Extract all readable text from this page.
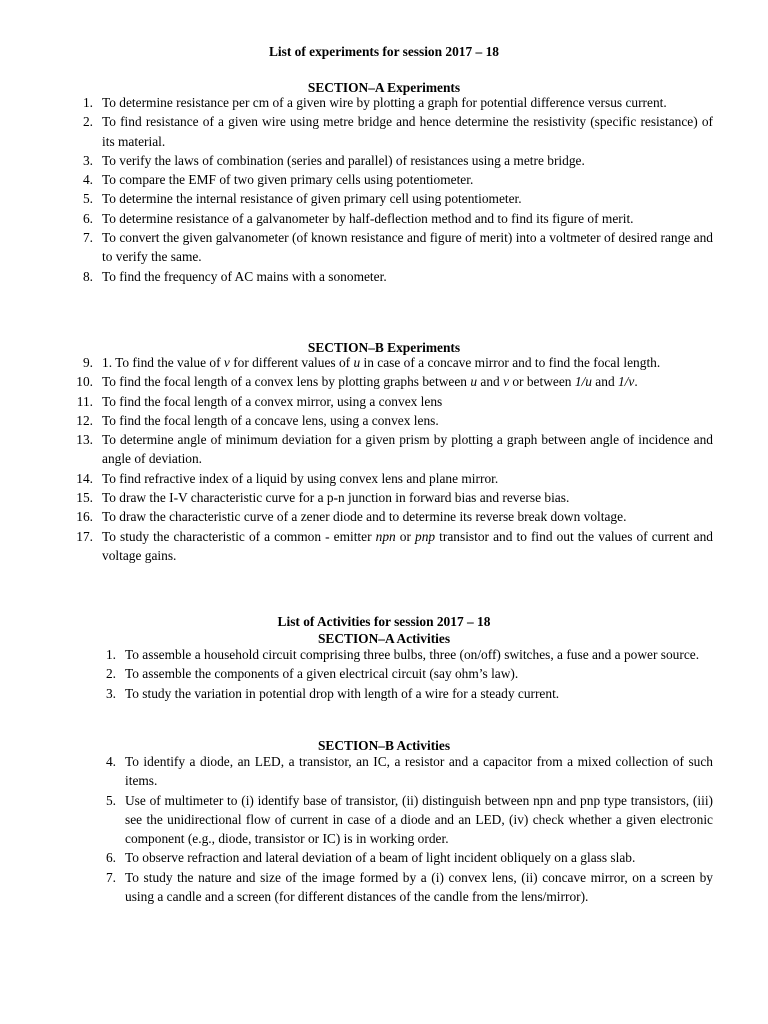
List of experiments for session 2017 – 18

SECTION–A Experiments

1. To determine resistance per cm of a given wire by plotting a graph for potential difference versus current.
2. To find resistance of a given wire using metre bridge and hence determine the resistivity (specific resistance) of its material.
3. To verify the laws of combination (series and parallel) of resistances using a metre bridge.
4. To compare the EMF of two given primary cells using potentiometer.
5. To determine the internal resistance of given primary cell using potentiometer.
6. To determine resistance of a galvanometer by half-deflection method and to find its figure of merit.
7. To convert the given galvanometer (of known resistance and figure of merit) into a voltmeter of desired range and to verify the same.
8. To find the frequency of AC mains with a sonometer.

SECTION–B Experiments

9. 1. To find the value of v for different values of u in case of a concave mirror and to find the focal length.
10. To find the focal length of a convex lens by plotting graphs between u and v or between 1/u and 1/v.
11. To find the focal length of a convex mirror, using a convex lens
12. To find the focal length of a concave lens, using a convex lens.
13. To determine angle of minimum deviation for a given prism by plotting a graph between angle of incidence and angle of deviation.
14. To find refractive index of a liquid by using convex lens and plane mirror.
15. To draw the I-V characteristic curve for a p-n junction in forward bias and reverse bias.
16. To draw the characteristic curve of a zener diode and to determine its reverse break down voltage.
17. To study the characteristic of a common - emitter npn or pnp transistor and to find out the values of current and voltage gains.

List of Activities for session 2017 – 18

SECTION–A Activities

1. To assemble a household circuit comprising three bulbs, three (on/off) switches, a fuse and a power source.
2. To assemble the components of a given electrical circuit (say ohm’s law).
3. To study the variation in potential drop with length of a wire for a steady current.

SECTION–B Activities

4. To identify a diode, an LED, a transistor, an IC, a resistor and a capacitor from a mixed collection of such items.
5. Use of multimeter to (i) identify base of transistor, (ii) distinguish between npn and pnp type transistors, (iii) see the unidirectional flow of current in case of a diode and an LED, (iv) check whether a given electronic component (e.g., diode, transistor or IC) is in working order.
6. To observe refraction and lateral deviation of a beam of light incident obliquely on a glass slab.
7. To study the nature and size of the image formed by a (i) convex lens, (ii) concave mirror, on a screen by using a candle and a screen (for different distances of the candle from the lens/mirror).
